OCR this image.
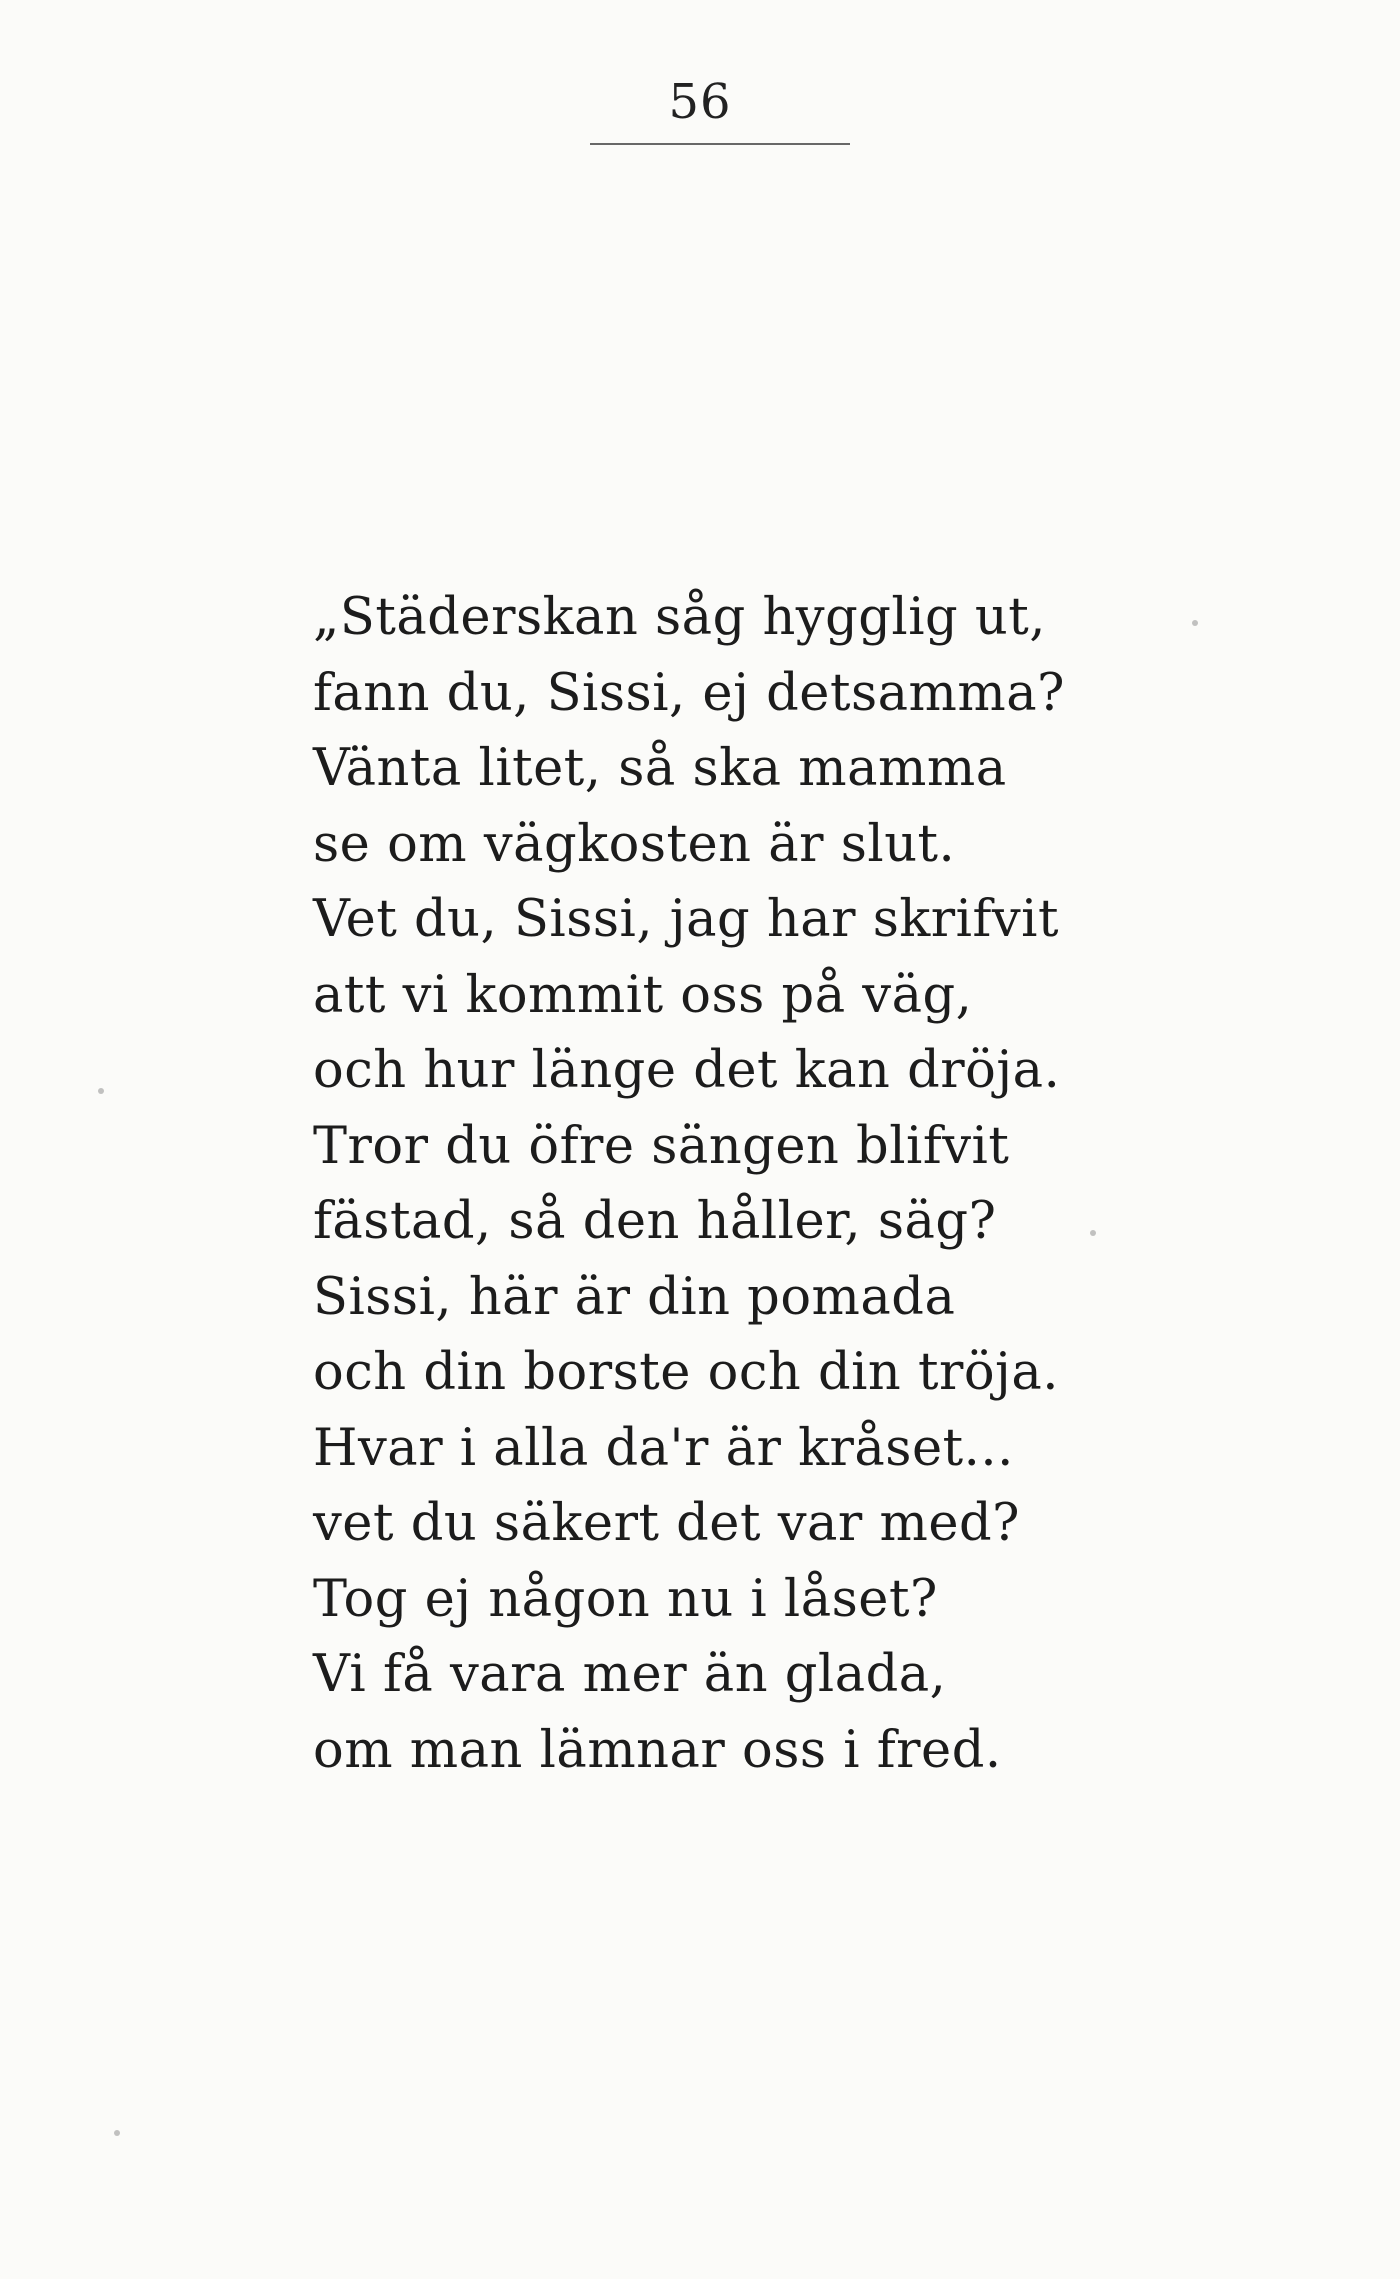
56
„Städerskan såg hygglig ut,
fann du, Sissi, ej detsamma?
Vänta litet, så ska mamma
se om vägkosten är slut.
Vet du, Sissi, jag har skrifvit
att vi kommit oss på väg,
och hur länge det kan dröja.
Tror du öfre sängen blifvit
fästad, så den håller, säg?
Sissi, här är din pomada
och din borste och din tröja.
Hvar i alla da'r är kråset...
vet du säkert det var med?
Tog ej någon nu i låset?
Vi få vara mer än glada,
om man lämnar oss i fred.
